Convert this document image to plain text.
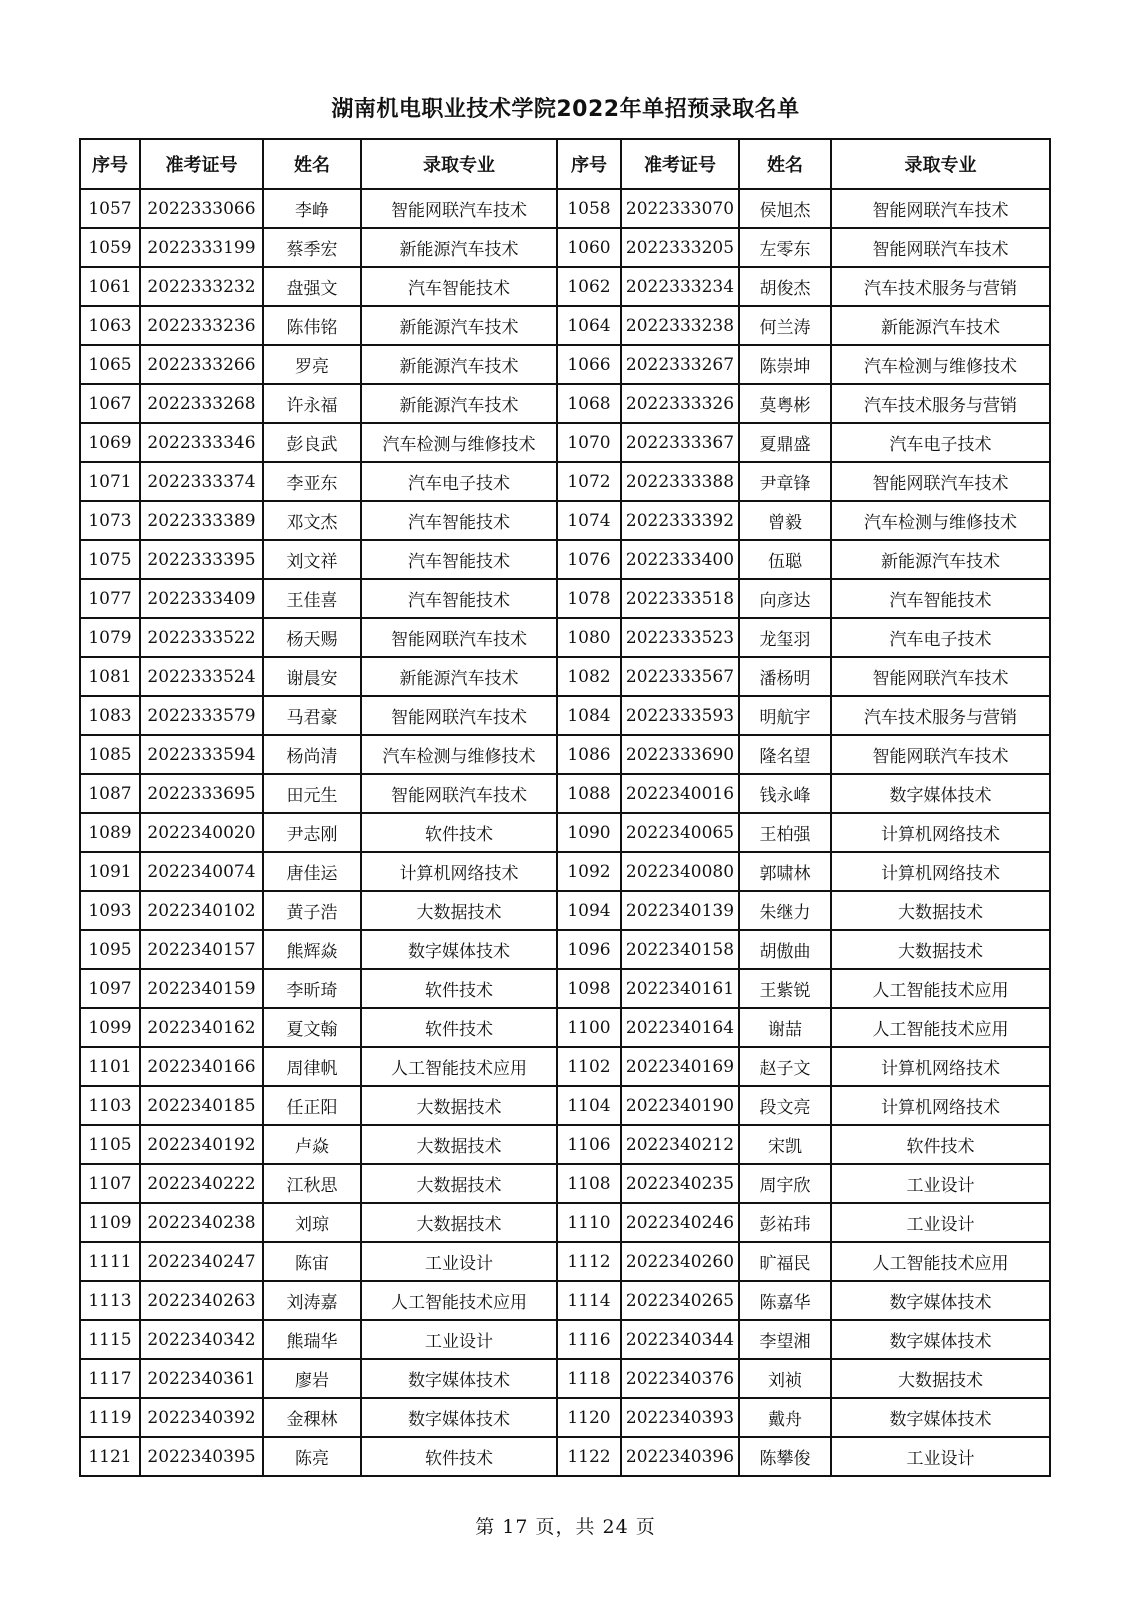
湖南机电职业技术学院2022年单招预录取名单
序号	准考证号	姓名	录取专业	序号	准考证号	姓名	录取专业
1057	2022333066	李峥	智能网联汽车技术	1058	2022333070	侯旭杰	智能网联汽车技术
1059	2022333199	蔡季宏	新能源汽车技术	1060	2022333205	左零东	智能网联汽车技术
1061	2022333232	盘强文	汽车智能技术	1062	2022333234	胡俊杰	汽车技术服务与营销
1063	2022333236	陈伟铭	新能源汽车技术	1064	2022333238	何兰涛	新能源汽车技术
1065	2022333266	罗亮	新能源汽车技术	1066	2022333267	陈崇坤	汽车检测与维修技术
1067	2022333268	许永福	新能源汽车技术	1068	2022333326	莫粤彬	汽车技术服务与营销
1069	2022333346	彭良武	汽车检测与维修技术	1070	2022333367	夏鼎盛	汽车电子技术
1071	2022333374	李亚东	汽车电子技术	1072	2022333388	尹章锋	智能网联汽车技术
1073	2022333389	邓文杰	汽车智能技术	1074	2022333392	曾毅	汽车检测与维修技术
1075	2022333395	刘文祥	汽车智能技术	1076	2022333400	伍聪	新能源汽车技术
1077	2022333409	王佳喜	汽车智能技术	1078	2022333518	向彦达	汽车智能技术
1079	2022333522	杨天赐	智能网联汽车技术	1080	2022333523	龙玺羽	汽车电子技术
1081	2022333524	谢晨安	新能源汽车技术	1082	2022333567	潘杨明	智能网联汽车技术
1083	2022333579	马君豪	智能网联汽车技术	1084	2022333593	明航宇	汽车技术服务与营销
1085	2022333594	杨尚清	汽车检测与维修技术	1086	2022333690	隆名望	智能网联汽车技术
1087	2022333695	田元生	智能网联汽车技术	1088	2022340016	钱永峰	数字媒体技术
1089	2022340020	尹志刚	软件技术	1090	2022340065	王柏强	计算机网络技术
1091	2022340074	唐佳运	计算机网络技术	1092	2022340080	郭啸林	计算机网络技术
1093	2022340102	黄子浩	大数据技术	1094	2022340139	朱继力	大数据技术
1095	2022340157	熊辉焱	数字媒体技术	1096	2022340158	胡傲曲	大数据技术
1097	2022340159	李昕琦	软件技术	1098	2022340161	王紫锐	人工智能技术应用
1099	2022340162	夏文翰	软件技术	1100	2022340164	谢喆	人工智能技术应用
1101	2022340166	周律帆	人工智能技术应用	1102	2022340169	赵子文	计算机网络技术
1103	2022340185	任正阳	大数据技术	1104	2022340190	段文亮	计算机网络技术
1105	2022340192	卢焱	大数据技术	1106	2022340212	宋凯	软件技术
1107	2022340222	江秋思	大数据技术	1108	2022340235	周宇欣	工业设计
1109	2022340238	刘琼	大数据技术	1110	2022340246	彭祐玮	工业设计
1111	2022340247	陈宙	工业设计	1112	2022340260	旷福民	人工智能技术应用
1113	2022340263	刘涛嘉	人工智能技术应用	1114	2022340265	陈嘉华	数字媒体技术
1115	2022340342	熊瑞华	工业设计	1116	2022340344	李望湘	数字媒体技术
1117	2022340361	廖岩	数字媒体技术	1118	2022340376	刘祯	大数据技术
1119	2022340392	金稞林	数字媒体技术	1120	2022340393	戴舟	数字媒体技术
1121	2022340395	陈亮	软件技术	1122	2022340396	陈攀俊	工业设计
第 17 页，共 24 页
